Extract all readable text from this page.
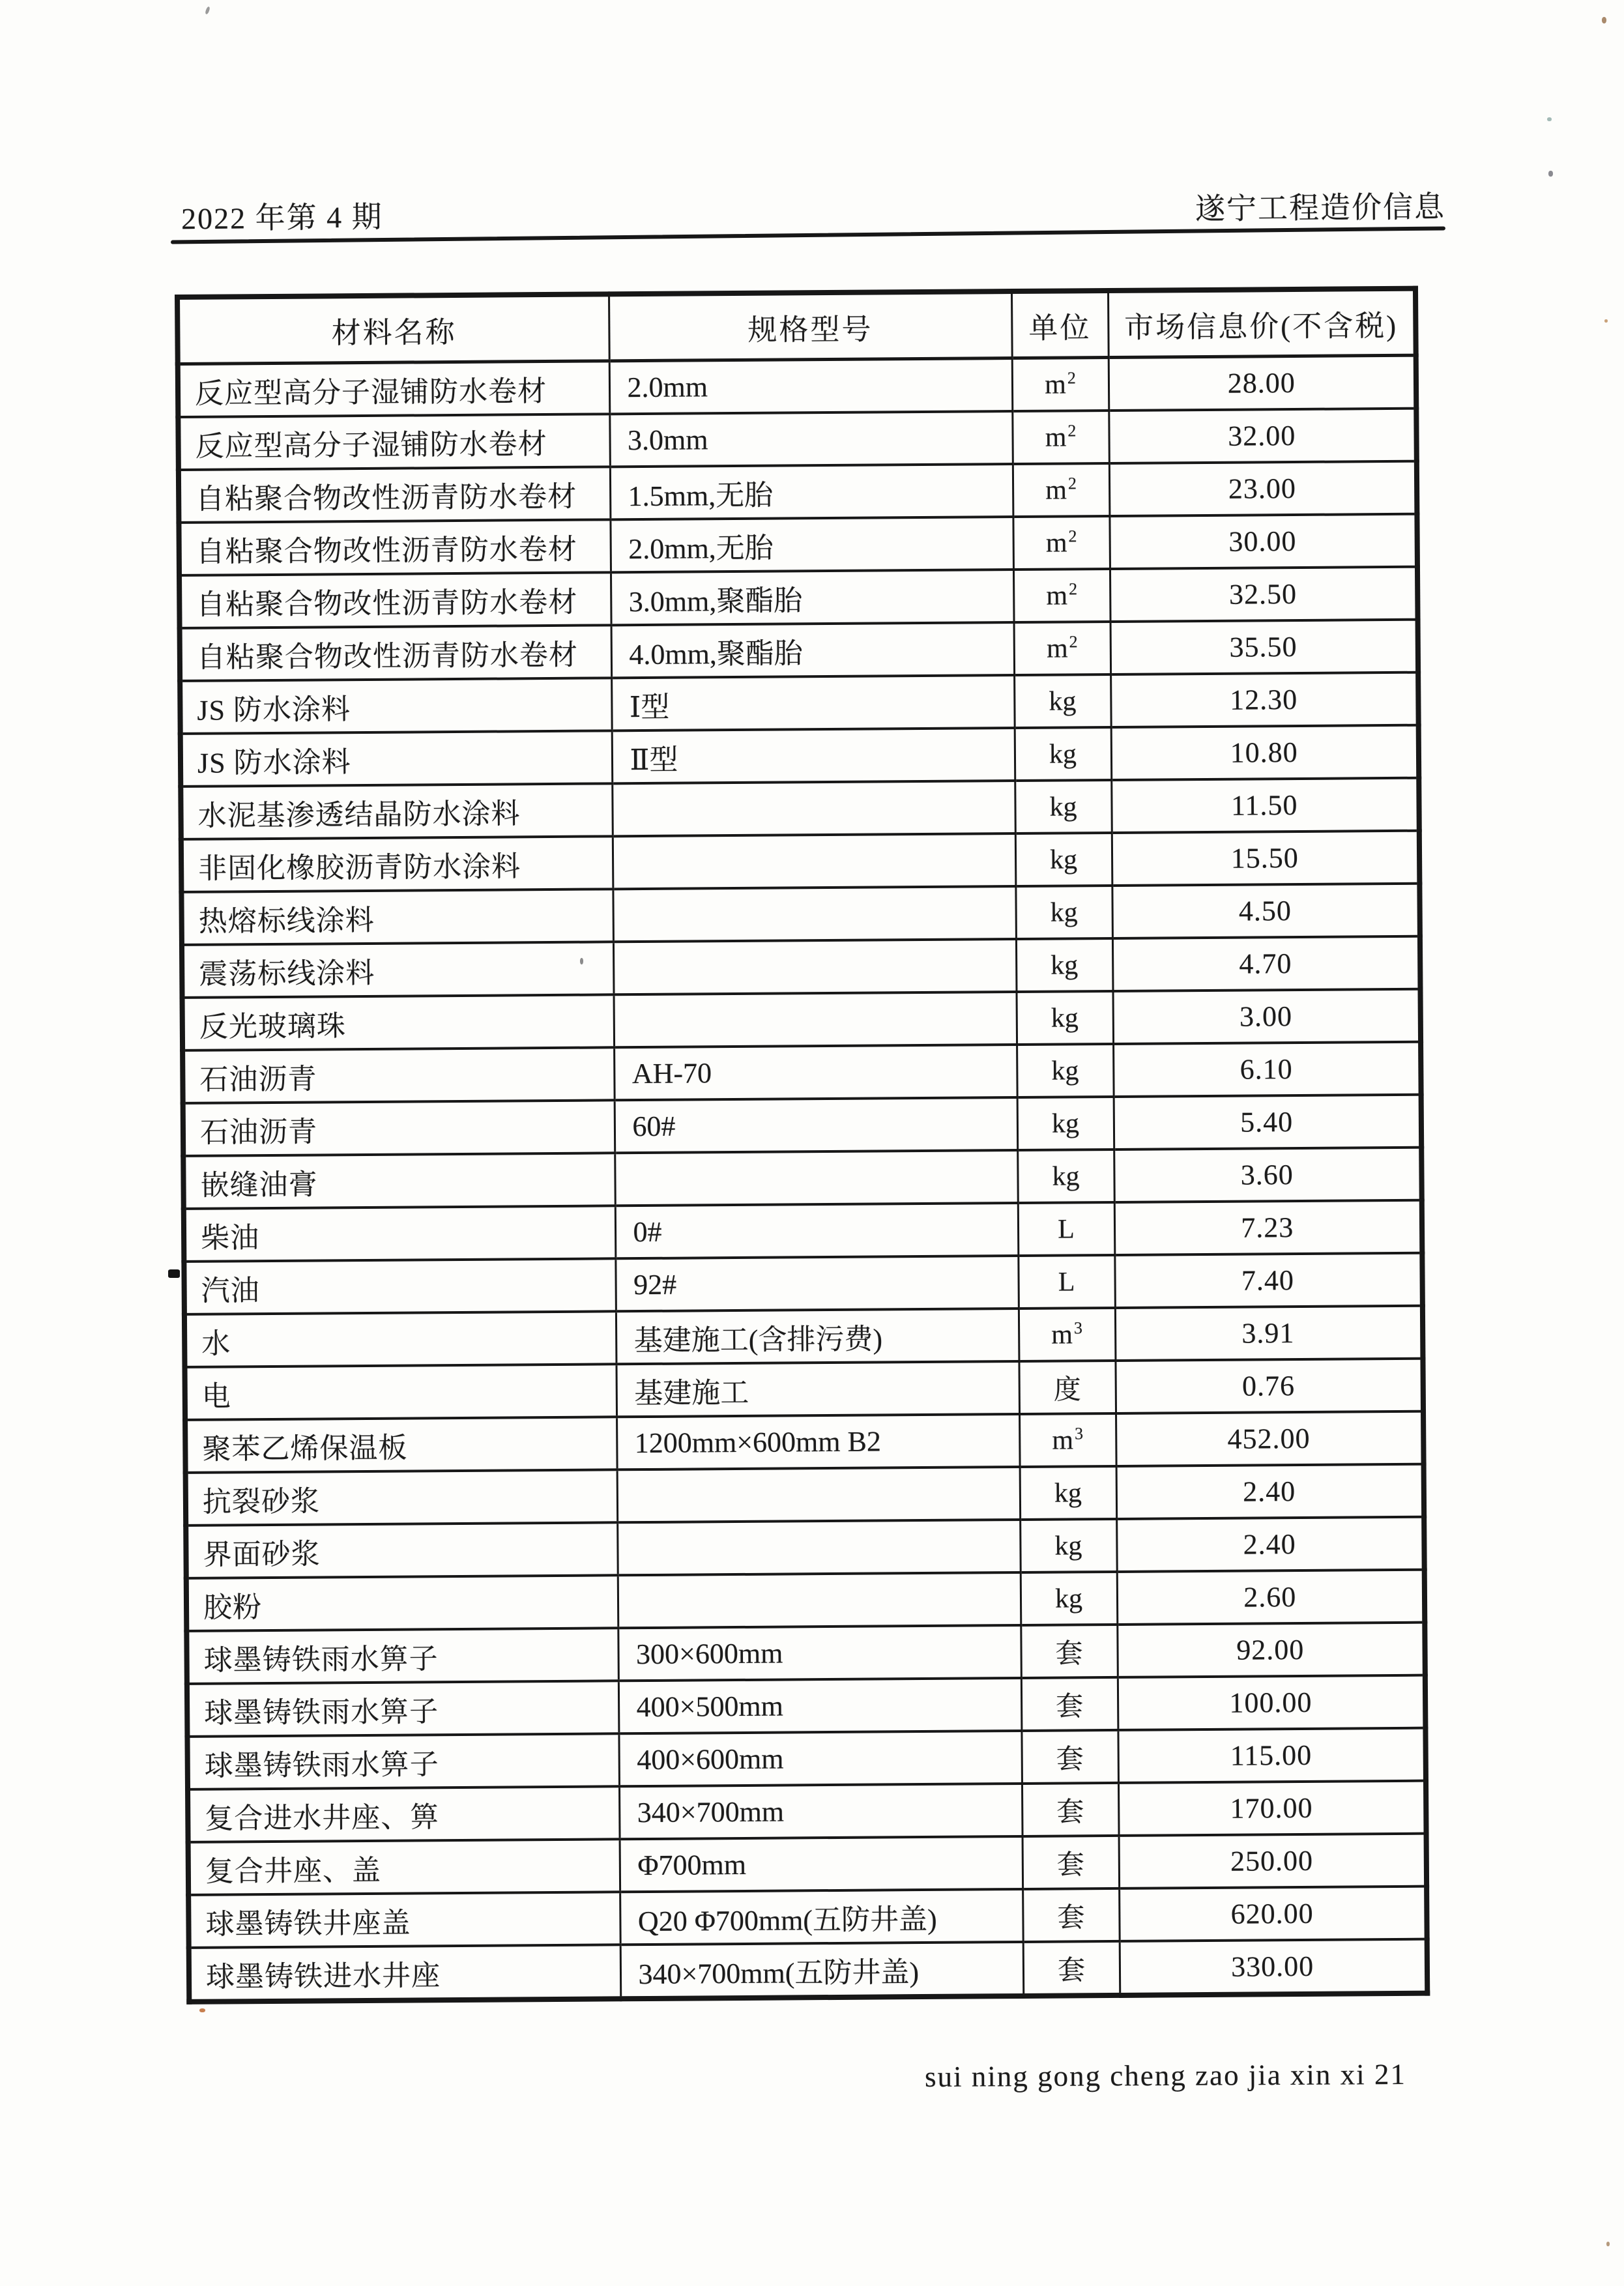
2022 年第 4 期	遂宁工程造价信息
材料名称	规格型号	单位	市场信息价(不含税)
反应型高分子湿铺防水卷材	2.0mm	$m^2$	28.00
反应型高分子湿铺防水卷材	3.0mm	$m^2$	32.00
自粘聚合物改性沥青防水卷材	1.5mm,无胎	$m^2$	23.00
自粘聚合物改性沥青防水卷材	2.0mm,无胎	$m^2$	30.00
自粘聚合物改性沥青防水卷材	3.0mm,聚酯胎	$m^2$	32.50
自粘聚合物改性沥青防水卷材	4.0mm,聚酯胎	$m^2$	35.50
JS 防水涂料	Ⅰ型	kg	12.30
JS 防水涂料	Ⅱ型	kg	10.80
水泥基渗透结晶防水涂料		kg	11.50
非固化橡胶沥青防水涂料		kg	15.50
热熔标线涂料		kg	4.50
震荡标线涂料		kg	4.70
反光玻璃珠		kg	3.00
石油沥青	AH-70	kg	6.10
石油沥青	60#	kg	5.40
嵌缝油膏		kg	3.60
柴油	0#	L	7.23
汽油	92#	L	7.40
水	基建施工(含排污费)	$m^3$	3.91
电	基建施工	度	0.76
聚苯乙烯保温板	1200mm×600mm B2	$m^3$	452.00
抗裂砂浆		kg	2.40
界面砂浆		kg	2.40
胶粉		kg	2.60
球墨铸铁雨水箅子	300×600mm	套	92.00
球墨铸铁雨水箅子	400×500mm	套	100.00
球墨铸铁雨水箅子	400×600mm	套	115.00
复合进水井座、箅	340×700mm	套	170.00
复合井座、盖	Φ700mm	套	250.00
球墨铸铁井座盖	Q20 Φ700mm(五防井盖)	套	620.00
球墨铸铁进水井座	340×700mm(五防井盖)	套	330.00
sui ning gong cheng zao jia xin xi 21
